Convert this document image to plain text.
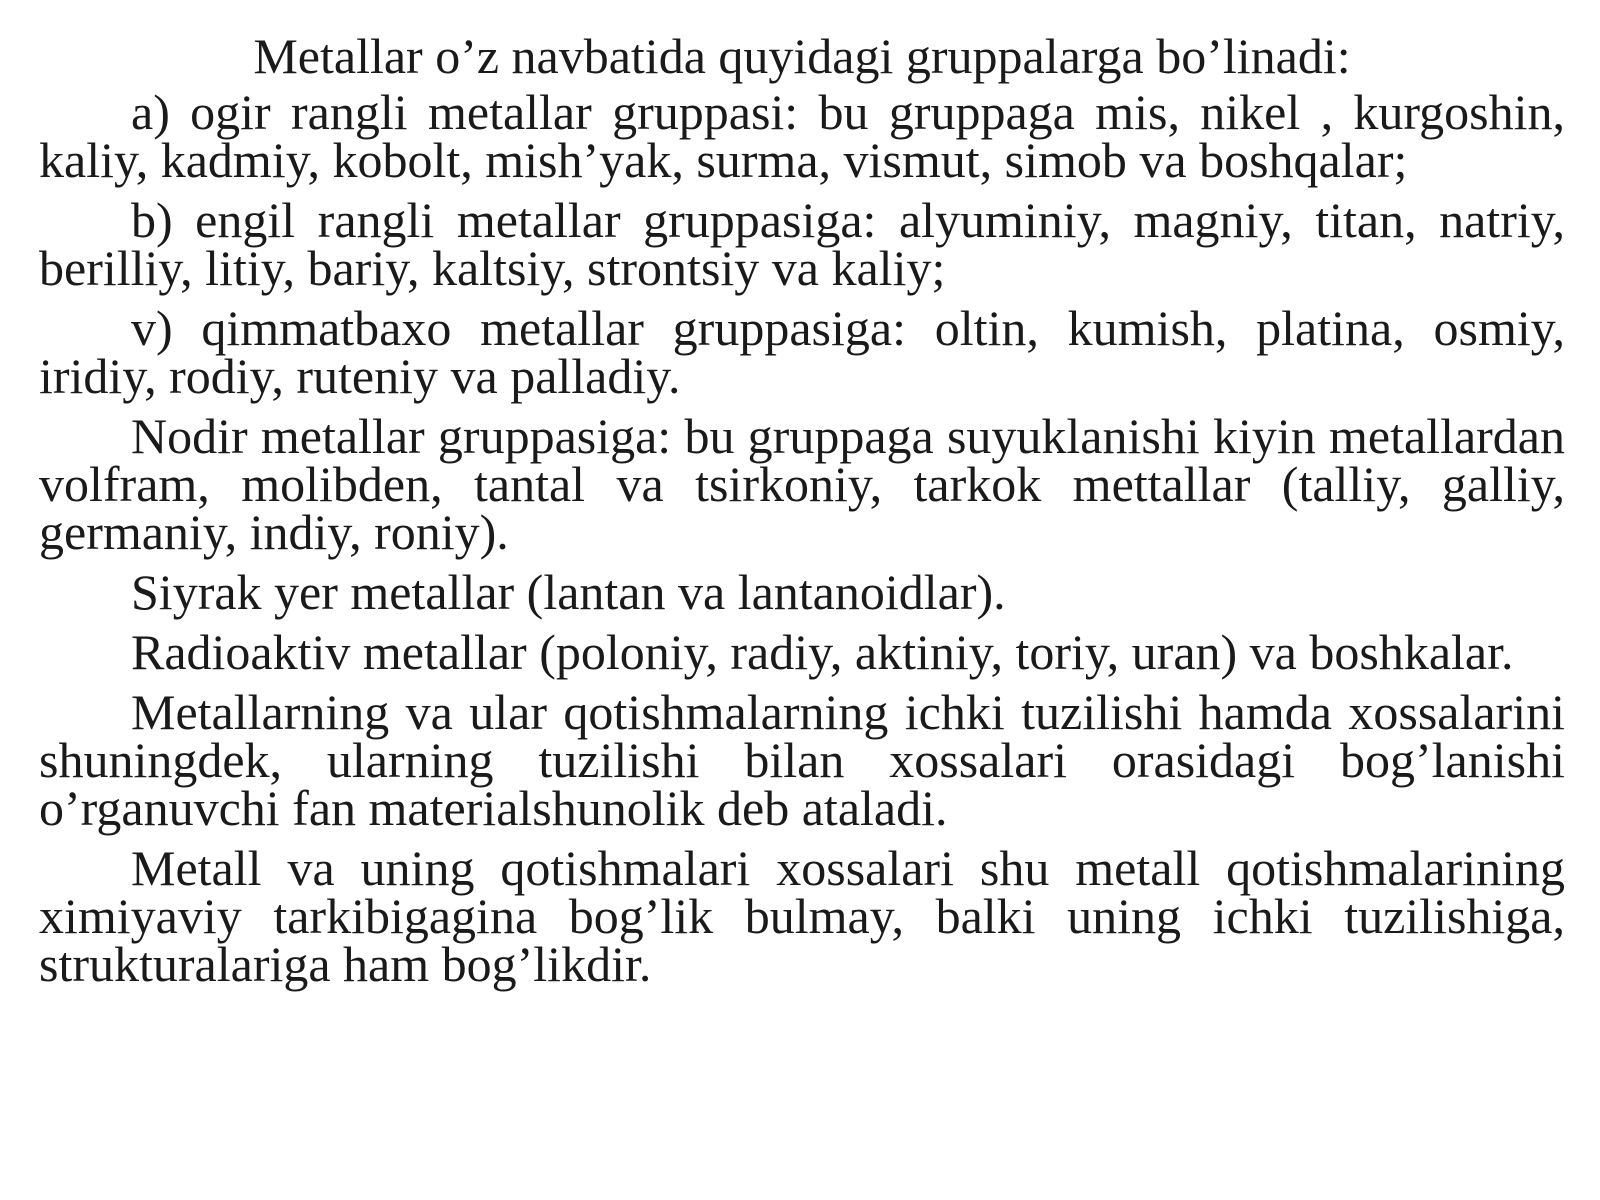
Metallar o’z navbatida quyidagi gruppalarga bo’linadi:

a) ogir rangli metallar gruppasi: bu gruppaga mis, nikel , kurgoshin, kaliy, kadmiy, kobolt, mish’yak, surma, vismut, simob va boshqalar;

b) engil rangli metallar gruppasiga: alyuminiy, magniy, titan, natriy, berilliy, litiy, bariy, kaltsiy, strontsiy va kaliy;

v) qimmatbaxo metallar gruppasiga: oltin, kumish, platina, osmiy, iridiy, rodiy, ruteniy va palladiy.

Nodir metallar gruppasiga: bu gruppaga suyuklanishi kiyin metallardan volfram, molibden, tantal va tsirkoniy, tarkok mettallar (talliy, galliy, germaniy, indiy, roniy).

Siyrak yer metallar (lantan va lantanoidlar).

Radioaktiv metallar (poloniy, radiy, aktiniy, toriy, uran) va boshkalar.

Metallarning va ular qotishmalarning ichki tuzilishi hamda xossalarini shuningdek, ularning tuzilishi bilan xossalari orasidagi bog’lanishi o’rganuvchi fan materialshunolik deb ataladi.

Metall va uning qotishmalari xossalari shu metall qotishmalarining ximiyaviy tarkibigagina bog’lik bulmay, balki uning ichki tuzilishiga, strukturalariga ham bog’likdir.
